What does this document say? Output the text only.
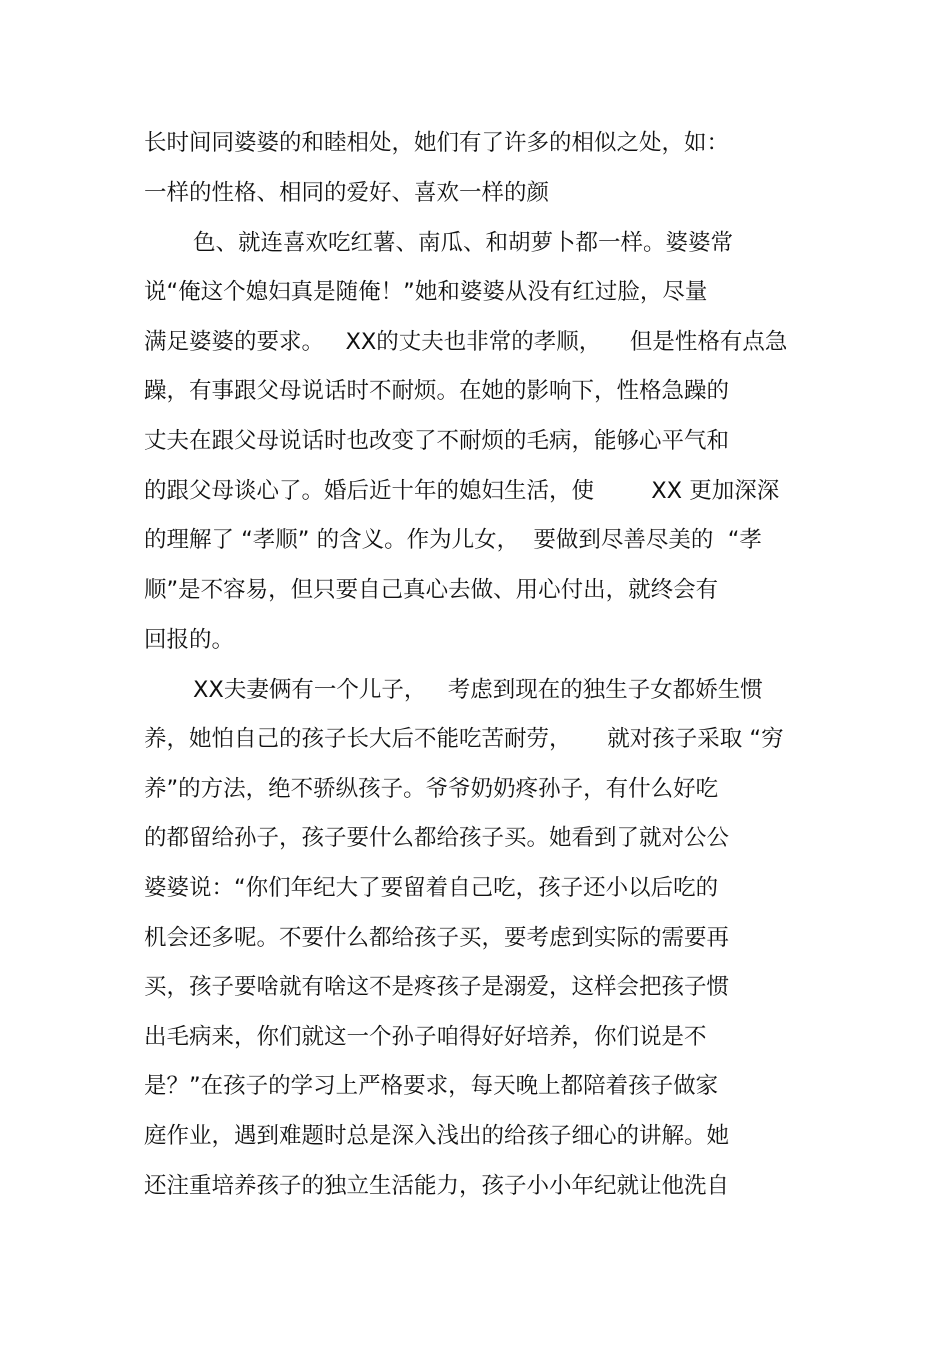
长时间同婆婆的和睦相处，她们有了许多的相似之处，如：
一样的性格、相同的爱好、喜欢一样的颜
色、就连喜欢吃红薯、南瓜、和胡萝卜都一样。婆婆常
说“俺这个媳妇真是随俺！”她和婆婆从没有红过脸，尽量
满足婆婆的要求。   XX的丈夫也非常的孝顺，    但是性格有点急
躁，有事跟父母说话时不耐烦。在她的影响下，性格急躁的
丈夫在跟父母说话时也改变了不耐烦的毛病，能够心平气和
的跟父母谈心了。婚后近十年的媳妇生活，使        XX 更加深深
的理解了 “孝顺” 的含义。作为儿女，  要做到尽善尽美的  “孝
顺”是不容易，但只要自己真心去做、用心付出，就终会有
回报的。
XX夫妻俩有一个儿子，   考虑到现在的独生子女都娇生惯
养，她怕自己的孩子长大后不能吃苦耐劳，     就对孩子采取 “穷
养”的方法，绝不骄纵孩子。爷爷奶奶疼孙子，有什么好吃
的都留给孙子，孩子要什么都给孩子买。她看到了就对公公
婆婆说：“你们年纪大了要留着自己吃，孩子还小以后吃的
机会还多呢。不要什么都给孩子买，要考虑到实际的需要再
买，孩子要啥就有啥这不是疼孩子是溺爱，这样会把孩子惯
出毛病来，你们就这一个孙子咱得好好培养，你们说是不
是？”在孩子的学习上严格要求，每天晚上都陪着孩子做家
庭作业，遇到难题时总是深入浅出的给孩子细心的讲解。她
还注重培养孩子的独立生活能力，孩子小小年纪就让他洗自
